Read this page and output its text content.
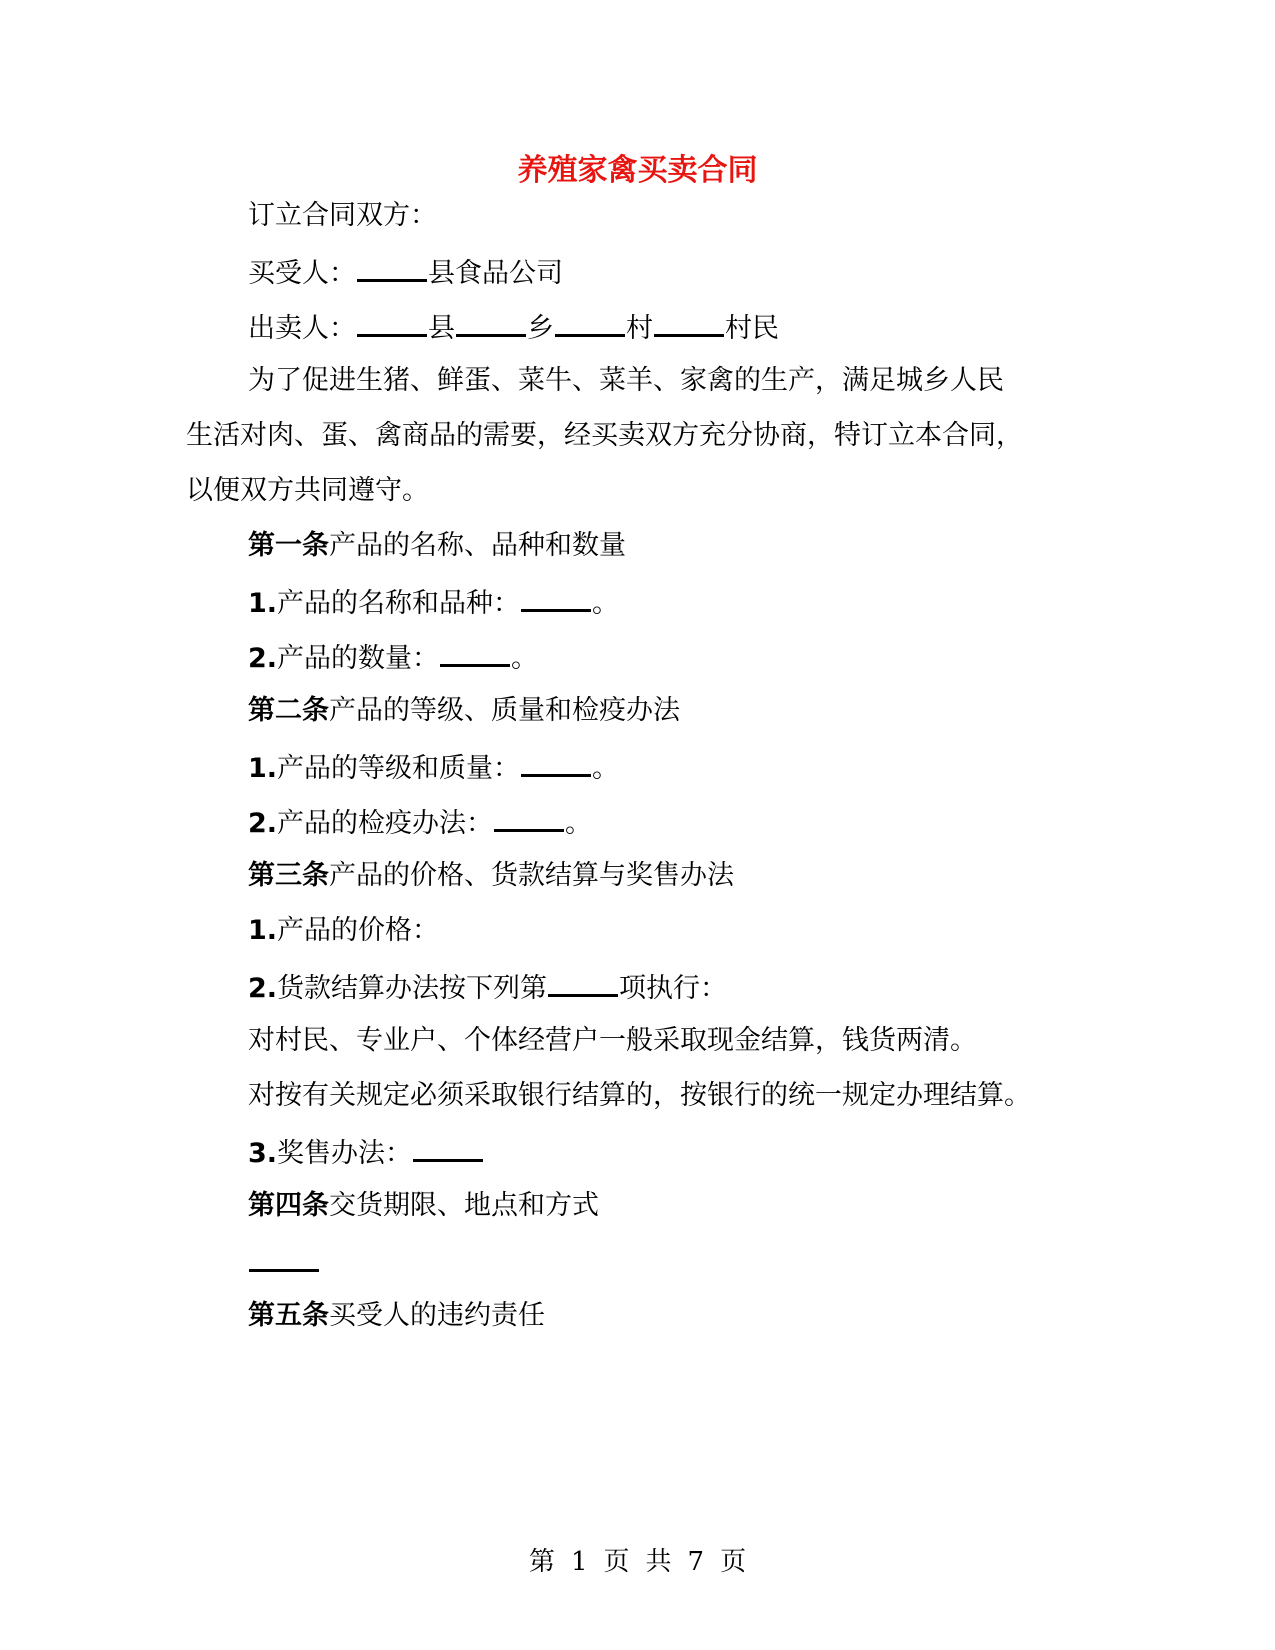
养殖家禽买卖合同
订立合同双方：
买受人：	县食品公司
出卖人：	县	乡	村	村民
为了促进生猪、鲜蛋、菜牛、菜羊、家禽的生产，满足城乡人民
生活对肉、蛋、禽商品的需要，经买卖双方充分协商，特订立本合同，
以便双方共同遵守。
第一条产品的名称、品种和数量
1.产品的名称和品种：	。
2.产品的数量：	。
第二条产品的等级、质量和检疫办法
1.产品的等级和质量：	。
2.产品的检疫办法：	。
第三条产品的价格、货款结算与奖售办法
1.产品的价格：
2.货款结算办法按下列第	项执行：
对村民、专业户、个体经营户一般采取现金结算，钱货两清。
对按有关规定必须采取银行结算的，按银行的统一规定办理结算。
3.奖售办法：
第四条交货期限、地点和方式
第五条买受人的违约责任
第 1 页 共 7 页
